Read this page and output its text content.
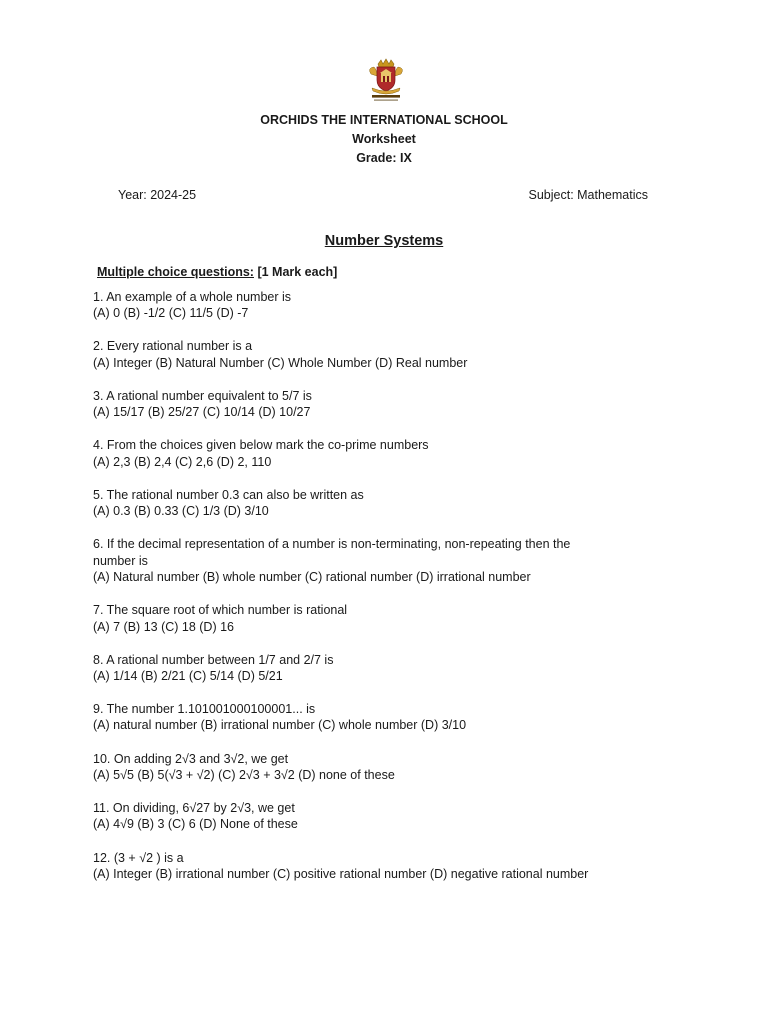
ORCHIDS THE INTERNATIONAL SCHOOL
Worksheet
Grade: IX
Year: 2024-25	Subject: Mathematics
Number Systems
Multiple choice questions: [1 Mark each]
1. An example of a whole number is
(A) 0 (B) -1/2 (C) 11/5 (D) -7
2. Every rational number is a
(A) Integer (B) Natural Number (C) Whole Number (D) Real number
3. A rational number equivalent to 5/7 is
(A) 15/17 (B) 25/27 (C) 10/14 (D) 10/27
4. From the choices given below mark the co-prime numbers
(A) 2,3 (B) 2,4 (C) 2,6 (D) 2, 110
5. The rational number 0.3 can also be written as
(A) 0.3 (B) 0.33 (C) 1/3 (D) 3/10
6. If the decimal representation of a number is non-terminating, non-repeating then the number is
(A) Natural number (B) whole number (C) rational number (D) irrational number
7. The square root of which number is rational
(A) 7 (B) 13 (C) 18 (D) 16
8. A rational number between 1/7 and 2/7 is
(A) 1/14 (B) 2/21 (C) 5/14 (D) 5/21
9. The number 1.101001000100001... is
(A) natural number (B) irrational number (C) whole number (D) 3/10
10. On adding 2√3 and 3√2, we get
(A) 5√5 (B) 5(√3 + √2) (C) 2√3 + 3√2 (D) none of these
11. On dividing, 6√27 by 2√3, we get
(A) 4√9 (B) 3 (C) 6 (D) None of these
12. (3 + √2 ) is a
(A) Integer (B) irrational number (C) positive rational number (D) negative rational number
